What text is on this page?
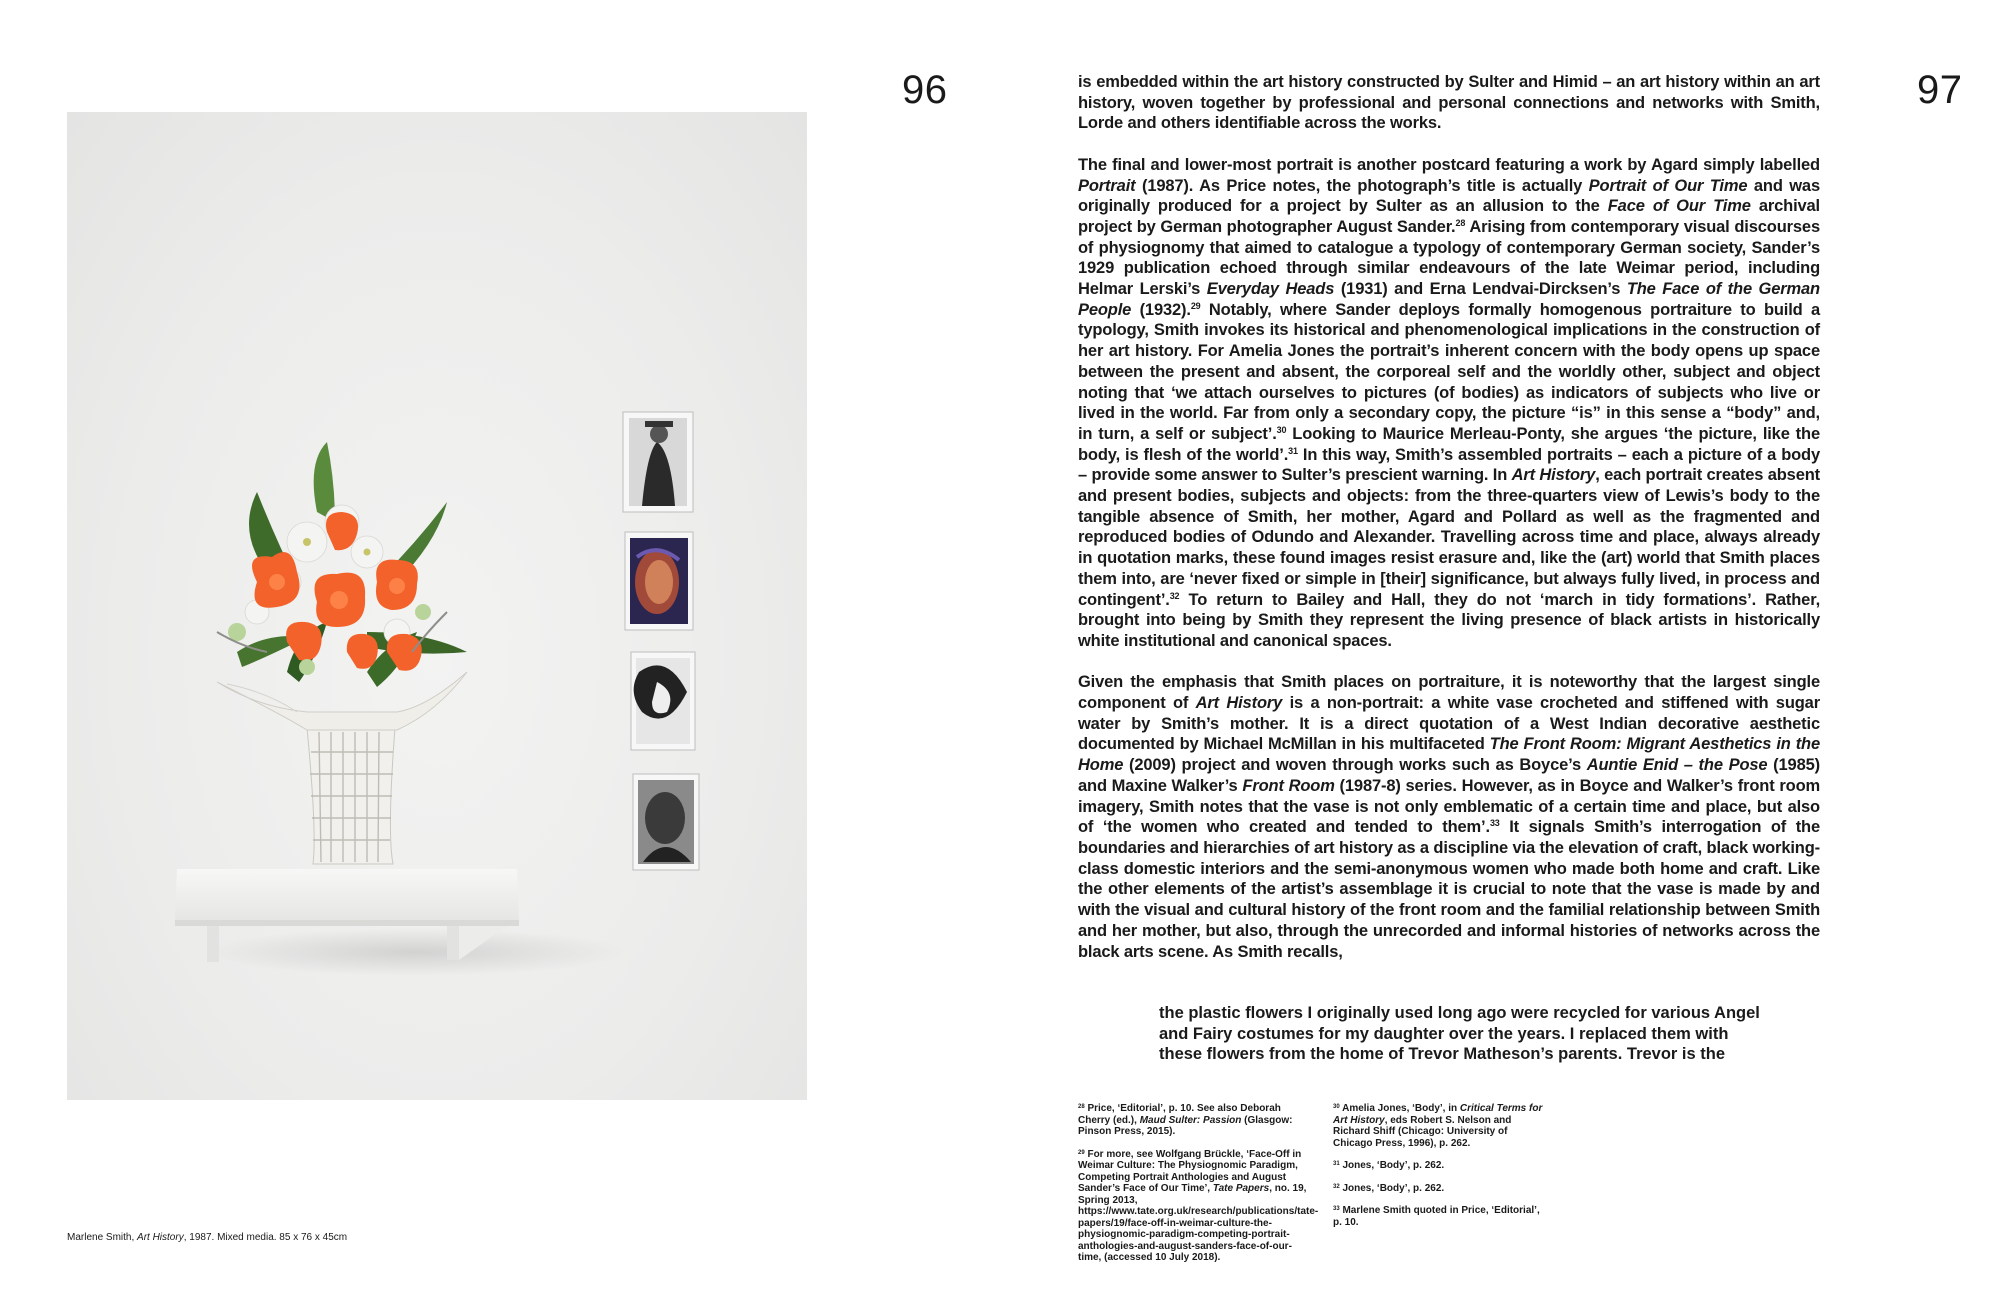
96
Marlene Smith, Art History, 1987. Mixed media. 85 x 76 x 45cm
97

is embedded within the art history constructed by Sulter and Himid – an art history within an art history, woven together by professional and personal connections and networks with Smith, Lorde and others identifiable across the works.

The final and lower-most portrait is another postcard featuring a work by Agard simply labelled Portrait (1987). As Price notes, the photograph’s title is actually Portrait of Our Time and was originally produced for a project by Sulter as an allusion to the Face of Our Time archival project by German photographer August Sander.$^{28}$ Arising from contemporary visual discourses of physiognomy that aimed to catalogue a typology of contemporary German society, Sander’s 1929 publication echoed through similar endeavours of the late Weimar period, including Helmar Lerski’s Everyday Heads (1931) and Erna Lendvai-Dircksen’s The Face of the German People (1932).$^{29}$ Notably, where Sander deploys formally homogenous portraiture to build a typology, Smith invokes its historical and phenomenological implications in the construction of her art history. For Amelia Jones the portrait’s inherent concern with the body opens up space between the present and absent, the corporeal self and the worldly other, subject and object noting that ‘we attach ourselves to pictures (of bodies) as indicators of subjects who live or lived in the world. Far from only a secondary copy, the picture “is” in this sense a “body” and, in turn, a self or subject’.$^{30}$ Looking to Maurice Merleau-Ponty, she argues ‘the picture, like the body, is flesh of the world’.$^{31}$ In this way, Smith’s assembled portraits – each a picture of a body – provide some answer to Sulter’s prescient warning. In Art History, each portrait creates absent and present bodies, subjects and objects: from the three-quarters view of Lewis’s body to the tangible absence of Smith, her mother, Agard and Pollard as well as the fragmented and reproduced bodies of Odundo and Alexander. Travelling across time and place, always already in quotation marks, these found images resist erasure and, like the (art) world that Smith places them into, are ‘never fixed or simple in [their] significance, but always fully lived, in process and contingent’.$^{32}$ To return to Bailey and Hall, they do not ‘march in tidy formations’. Rather, brought into being by Smith they represent the living presence of black artists in historically white institutional and canonical spaces.

Given the emphasis that Smith places on portraiture, it is noteworthy that the largest single component of Art History is a non-portrait: a white vase crocheted and stiffened with sugar water by Smith’s mother. It is a direct quotation of a West Indian decorative aesthetic documented by Michael McMillan in his multifaceted The Front Room: Migrant Aesthetics in the Home (2009) project and woven through works such as Boyce’s Auntie Enid – the Pose (1985) and Maxine Walker’s Front Room (1987-8) series. However, as in Boyce and Walker’s front room imagery, Smith notes that the vase is not only emblematic of a certain time and place, but also of ‘the women who created and tended to them’.$^{33}$ It signals Smith’s interrogation of the boundaries and hierarchies of art history as a discipline via the elevation of craft, black working-class domestic interiors and the semi-anonymous women who made both home and craft. Like the other elements of the artist’s assemblage it is crucial to note that the vase is made by and with the visual and cultural history of the front room and the familial relationship between Smith and her mother, but also, through the unrecorded and informal histories of networks across the black arts scene. As Smith recalls,

the plastic flowers I originally used long ago were recycled for various Angel and Fairy costumes for my daughter over the years. I replaced them with these flowers from the home of Trevor Matheson’s parents. Trevor is the
$^{28}$ Price, ‘Editorial’, p. 10. See also Deborah Cherry (ed.), Maud Sulter: Passion (Glasgow: Pinson Press, 2015).
$^{29}$ For more, see Wolfgang Brückle, ‘Face-Off in Weimar Culture: The Physiognomic Paradigm, Competing Portrait Anthologies and August Sander’s Face of Our Time’, Tate Papers, no. 19, Spring 2013, https://www.tate.org.uk/research/publications/tate-papers/19/face-off-in-weimar-culture-the-physiognomic-paradigm-competing-portrait-anthologies-and-august-sanders-face-of-our-time, (accessed 10 July 2018).
$^{30}$ Amelia Jones, ‘Body’, in Critical Terms for Art History, eds Robert S. Nelson and Richard Shiff (Chicago: University of Chicago Press, 1996), p. 262.
$^{31}$ Jones, ‘Body’, p. 262.
$^{32}$ Jones, ‘Body’, p. 262.
$^{33}$ Marlene Smith quoted in Price, ‘Editorial’, p. 10.
